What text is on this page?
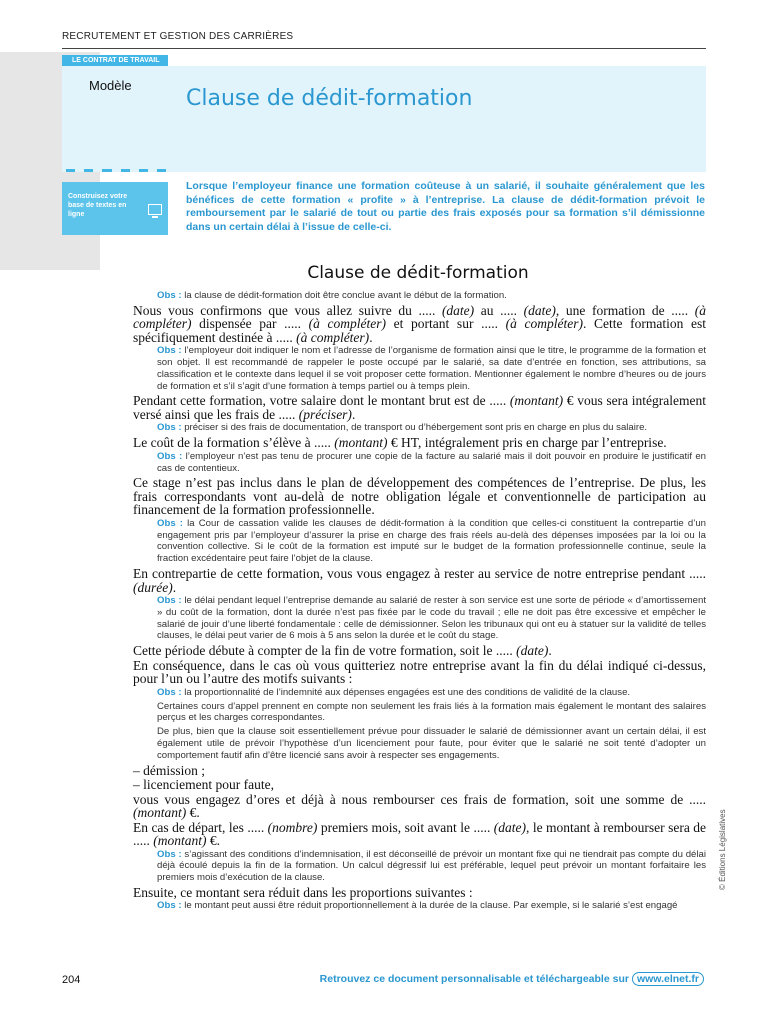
RECRUTEMENT ET GESTION DES CARRIÈRES
LE CONTRAT DE TRAVAIL
Modèle
Construisez votre base de textes en ligne
Clause de dédit-formation
Lorsque l’employeur finance une formation coûteuse à un salarié, il souhaite généralement que les bénéfices de cette formation « profite » à l’entreprise. La clause de dédit-formation prévoit le remboursement par le salarié de tout ou partie des frais exposés pour sa formation s’il démissionne dans un certain délai à l’issue de celle-ci.
Clause de dédit-formation
Obs : la clause de dédit-formation doit être conclue avant le début de la formation.
Nous vous confirmons que vous allez suivre du ..... (date) au ..... (date), une formation de ..... (à compléter) dispensée par ..... (à compléter) et portant sur ..... (à compléter). Cette formation est spécifiquement destinée à ..... (à compléter).
Obs : l’employeur doit indiquer le nom et l’adresse de l’organisme de formation ainsi que le titre, le programme de la formation et son objet. Il est recommandé de rappeler le poste occupé par le salarié, sa date d’entrée en fonction, ses attributions, sa classification et le contexte dans lequel il se voit proposer cette formation. Mentionner également le nombre d’heures ou de jours de formation et s’il s’agit d’une formation à temps partiel ou à temps plein.
Pendant cette formation, votre salaire dont le montant brut est de ..... (montant) € vous sera intégralement versé ainsi que les frais de ..... (préciser).
Obs : préciser si des frais de documentation, de transport ou d’hébergement sont pris en charge en plus du salaire.
Le coût de la formation s’élève à ..... (montant) € HT, intégralement pris en charge par l’entreprise.
Obs : l’employeur n’est pas tenu de procurer une copie de la facture au salarié mais il doit pouvoir en produire le justificatif en cas de contentieux.
Ce stage n’est pas inclus dans le plan de développement des compétences de l’entreprise. De plus, les frais correspondants vont au-delà de notre obligation légale et conventionnelle de participation au financement de la formation professionnelle.
Obs : la Cour de cassation valide les clauses de dédit-formation à la condition que celles-ci constituent la contrepartie d’un engagement pris par l’employeur d’assurer la prise en charge des frais réels au-delà des dépenses imposées par la loi ou la convention collective. Si le coût de la formation est imputé sur le budget de la formation professionnelle continue, seule la fraction excédentaire peut faire l’objet de la clause.
En contrepartie de cette formation, vous vous engagez à rester au service de notre entreprise pendant ..... (durée).
Obs : le délai pendant lequel l’entreprise demande au salarié de rester à son service est une sorte de période « d’amortissement » du coût de la formation, dont la durée n’est pas fixée par le code du travail ; elle ne doit pas être excessive et empêcher le salarié de jouir d’une liberté fondamentale : celle de démissionner. Selon les tribunaux qui ont eu à statuer sur la validité de telles clauses, le délai peut varier de 6 mois à 5 ans selon la durée et le coût du stage.
Cette période débute à compter de la fin de votre formation, soit le ..... (date).
En conséquence, dans le cas où vous quitteriez notre entreprise avant la fin du délai indiqué ci-dessus, pour l’un ou l’autre des motifs suivants :
Obs : la proportionnalité de l’indemnité aux dépenses engagées est une des conditions de validité de la clause.
Certaines cours d’appel prennent en compte non seulement les frais liés à la formation mais également le montant des salaires perçus et les charges correspondantes.
De plus, bien que la clause soit essentiellement prévue pour dissuader le salarié de démissionner avant un certain délai, il est également utile de prévoir l’hypothèse d’un licenciement pour faute, pour éviter que le salarié ne soit tenté d’adopter un comportement fautif afin d’être licencié sans avoir à respecter ses engagements.
– démission ;
– licenciement pour faute,
vous vous engagez d’ores et déjà à nous rembourser ces frais de formation, soit une somme de ..... (montant) €.
En cas de départ, les ..... (nombre) premiers mois, soit avant le ..... (date), le montant à rembourser sera de ..... (montant) €.
Obs : s’agissant des conditions d’indemnisation, il est déconseillé de prévoir un montant fixe qui ne tiendrait pas compte du délai déjà écoulé depuis la fin de la formation. Un calcul dégressif lui est préférable, lequel peut prévoir un montant forfaitaire les premiers mois d’exécution de la clause.
Ensuite, ce montant sera réduit dans les proportions suivantes :
Obs : le montant peut aussi être réduit proportionnellement à la durée de la clause. Par exemple, si le salarié s’est engagé
204	Retrouvez ce document personnalisable et téléchargeable sur www.elnet.fr
© Éditions Législatives
